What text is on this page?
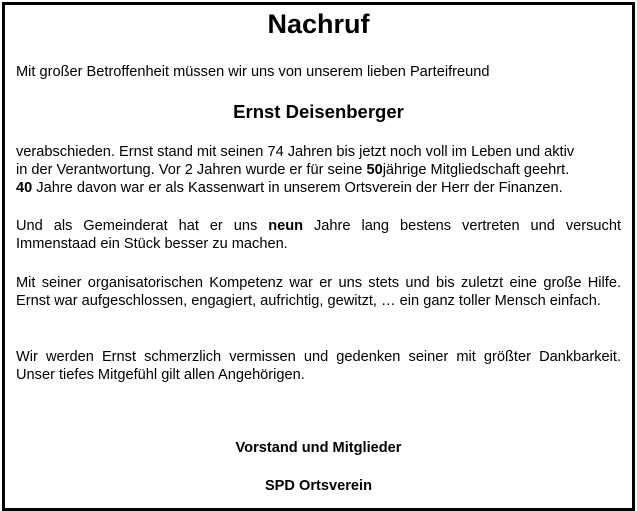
Nachruf

Mit großer Betroffenheit müssen wir uns von unserem lieben Parteifreund

Ernst Deisenberger
verabschieden. Ernst stand mit seinen 74 Jahren bis jetzt noch voll im Leben und aktiv
in der Verantwortung. Vor 2 Jahren wurde er für seine 50jährige Mitgliedschaft geehrt.
40 Jahre davon war er als Kassenwart in unserem Ortsverein der Herr der Finanzen.

Und als Gemeinderat hat er uns neun Jahre lang bestens vertreten und versucht Immenstaad ein Stück besser zu machen.

Mit seiner organisatorischen Kompetenz war er uns stets und bis zuletzt eine große Hilfe. Ernst war aufgeschlossen, engagiert, aufrichtig, gewitzt, … ein ganz toller Mensch einfach.

Wir werden Ernst schmerzlich vermissen und gedenken seiner mit größter Dankbarkeit. Unser tiefes Mitgefühl gilt allen Angehörigen.

Vorstand und Mitglieder
SPD Ortsverein
